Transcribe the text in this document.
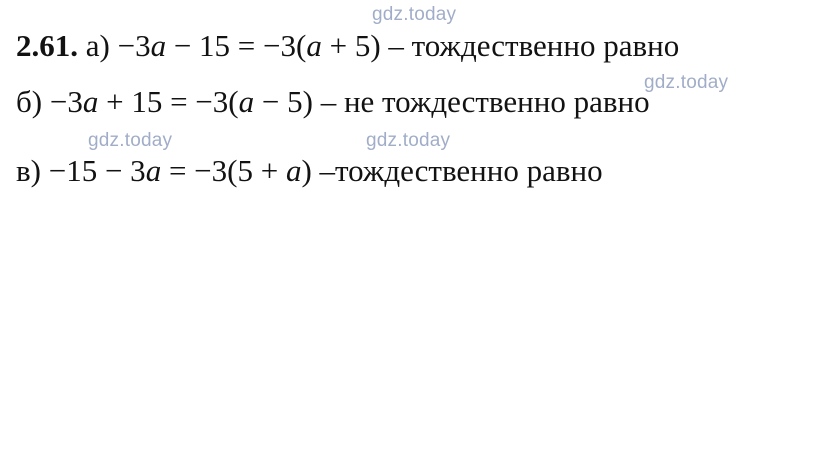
2.61. а) −3a − 15 = −3(a + 5) – тождественно равно
б) −3a + 15 = −3(a − 5) – не тождественно равно
в) −15 − 3a = −3(5 + a) –тождественно равно
gdz.today
gdz.today
gdz.today	gdz.today
